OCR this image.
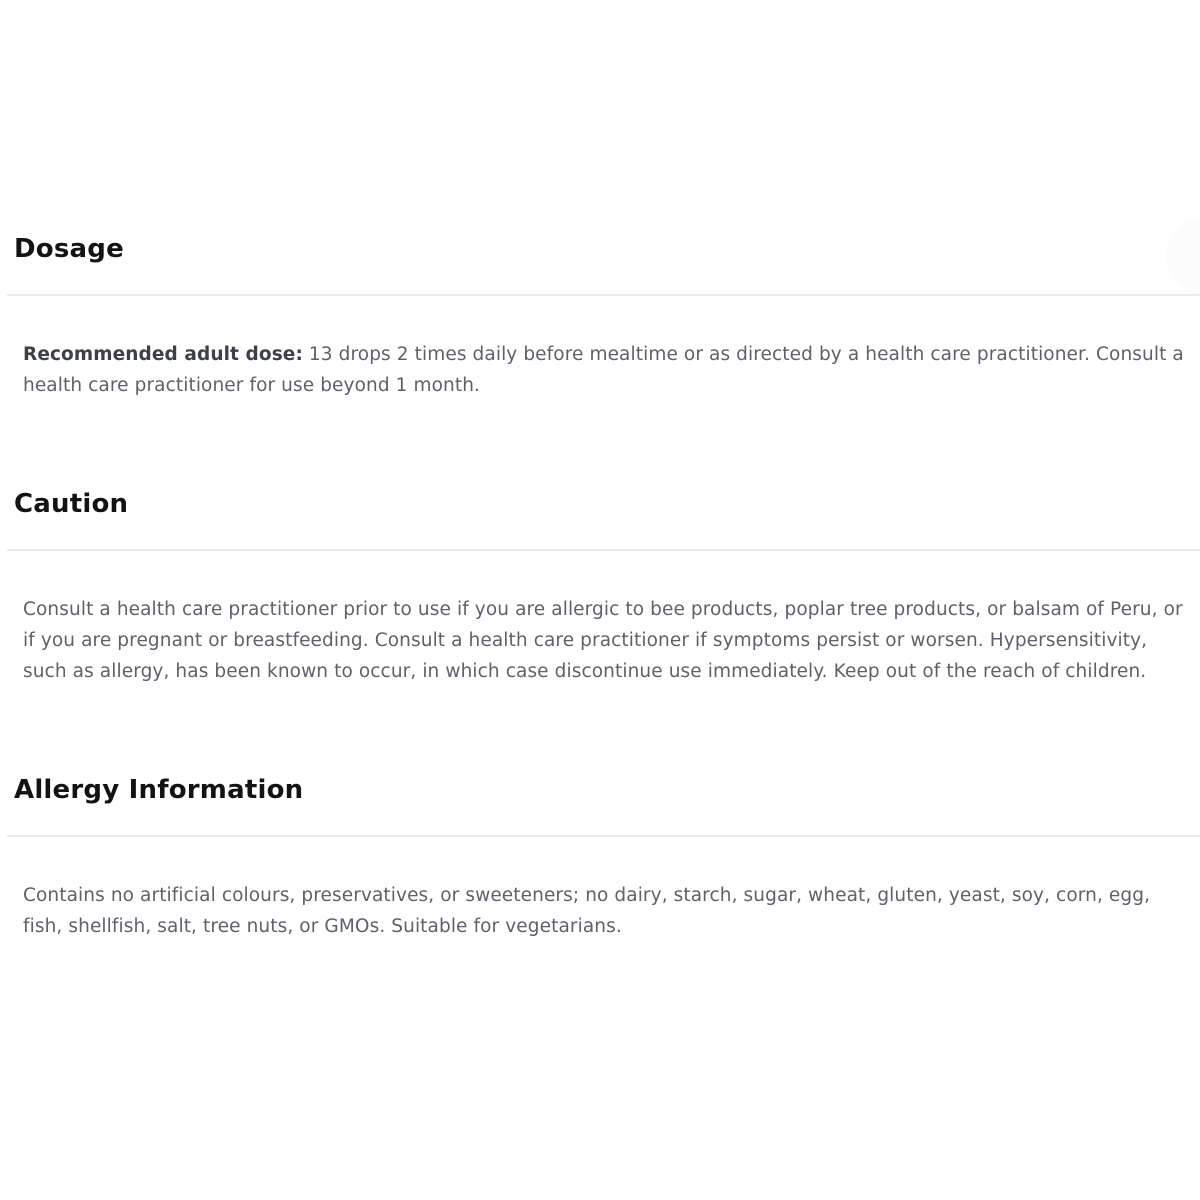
Dosage

Recommended adult dose: 13 drops 2 times daily before mealtime or as directed by a health care practitioner. Consult a health care practitioner for use beyond 1 month.

Caution

Consult a health care practitioner prior to use if you are allergic to bee products, poplar tree products, or balsam of Peru, or if you are pregnant or breastfeeding. Consult a health care practitioner if symptoms persist or worsen. Hypersensitivity, such as allergy, has been known to occur, in which case discontinue use immediately. Keep out of the reach of children.

Allergy Information

Contains no artificial colours, preservatives, or sweeteners; no dairy, starch, sugar, wheat, gluten, yeast, soy, corn, egg, fish, shellfish, salt, tree nuts, or GMOs. Suitable for vegetarians.
